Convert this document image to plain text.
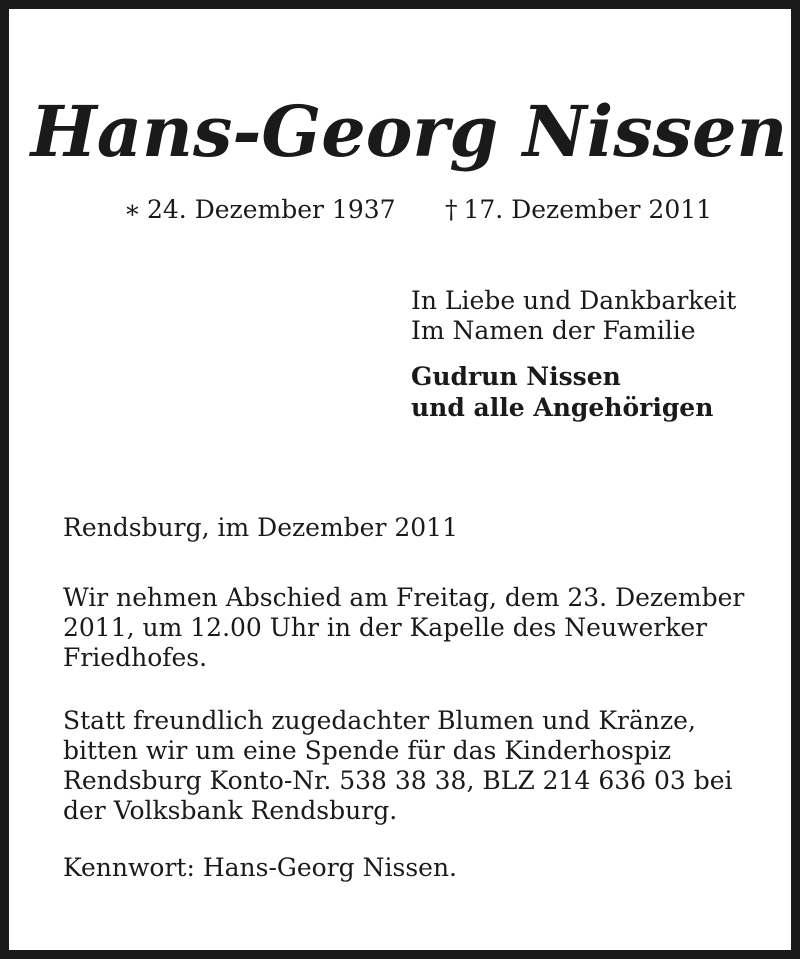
Hans-Georg Nissen
∗ 24. Dezember 1937 † 17. Dezember 2011
In Liebe und Dankbarkeit
Im Namen der Familie
Gudrun Nissen
und alle Angehörigen

Rendsburg, im Dezember 2011

Wir nehmen Abschied am Freitag, dem 23. Dezember 2011, um 12.00 Uhr in der Kapelle des Neuwerker Friedhofes.

Statt freundlich zugedachter Blumen und Kränze, bitten wir um eine Spende für das Kinderhospiz Rendsburg Konto-Nr. 538 38 38, BLZ 214 636 03 bei der Volksbank Rendsburg.

Kennwort: Hans-Georg Nissen.
